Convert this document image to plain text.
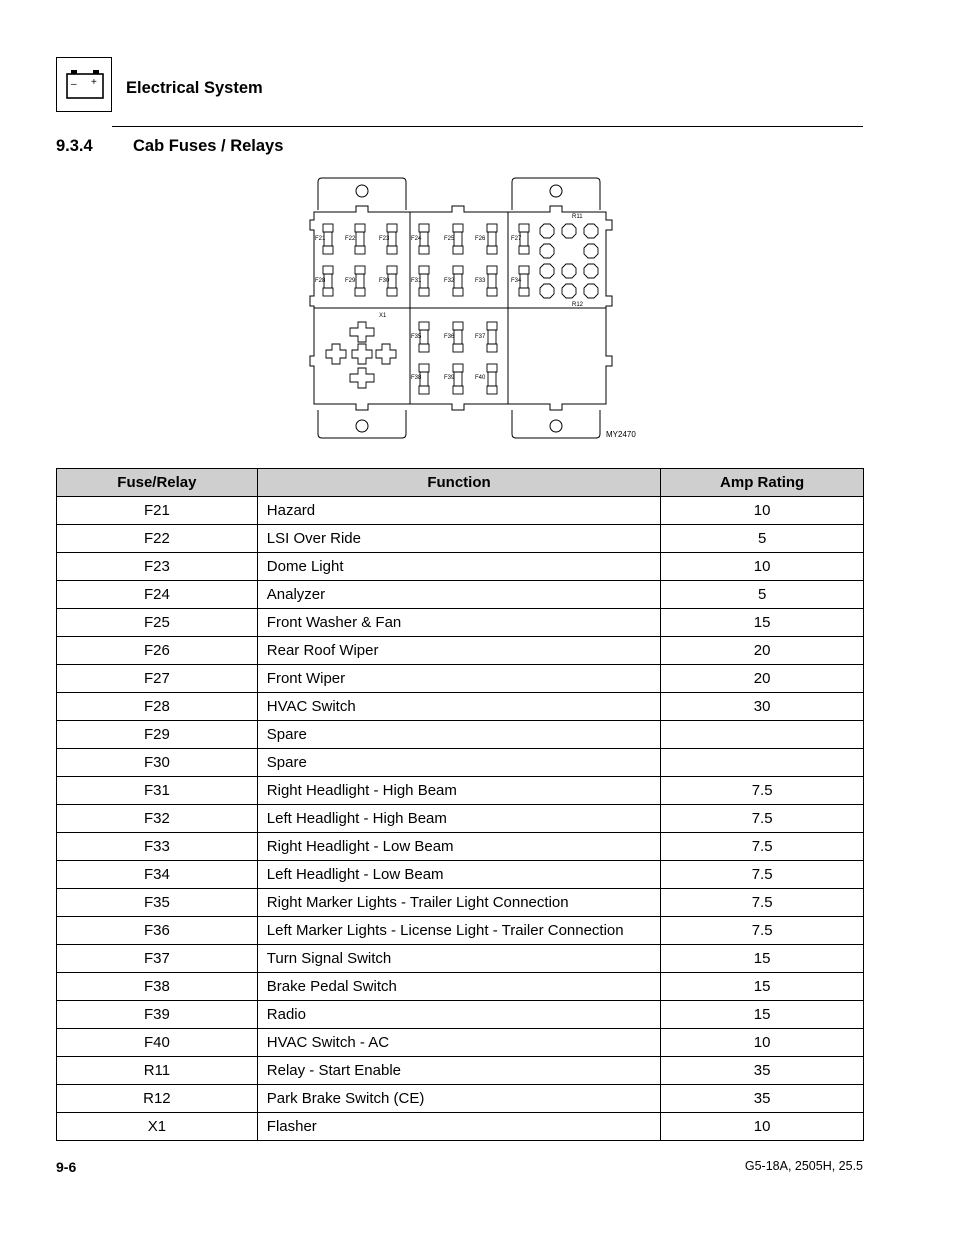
– + Electrical System
9.3.4 Cab Fuses / Relays
F21	F22	F23	F24	F25	F26	F27
F28	F29	F30	F31	F32	F33	F34
F35	F36	F37
F38	F39	F40
R11
R12
X1
MY2470
Fuse/Relay	Function	Amp Rating
F21	Hazard	10
F22	LSI Over Ride	5
F23	Dome Light	10
F24	Analyzer	5
F25	Front Washer & Fan	15
F26	Rear Roof Wiper	20
F27	Front Wiper	20
F28	HVAC Switch	30
F29	Spare	
F30	Spare	
F31	Right Headlight - High Beam	7.5
F32	Left Headlight - High Beam	7.5
F33	Right Headlight - Low Beam	7.5
F34	Left Headlight - Low Beam	7.5
F35	Right Marker Lights - Trailer Light Connection	7.5
F36	Left Marker Lights - License Light - Trailer Connection	7.5
F37	Turn Signal Switch	15
F38	Brake Pedal Switch	15
F39	Radio	15
F40	HVAC Switch - AC	10
R11	Relay - Start Enable	35
R12	Park Brake Switch (CE)	35
X1	Flasher	10
9-6	G5-18A, 2505H, 25.5
